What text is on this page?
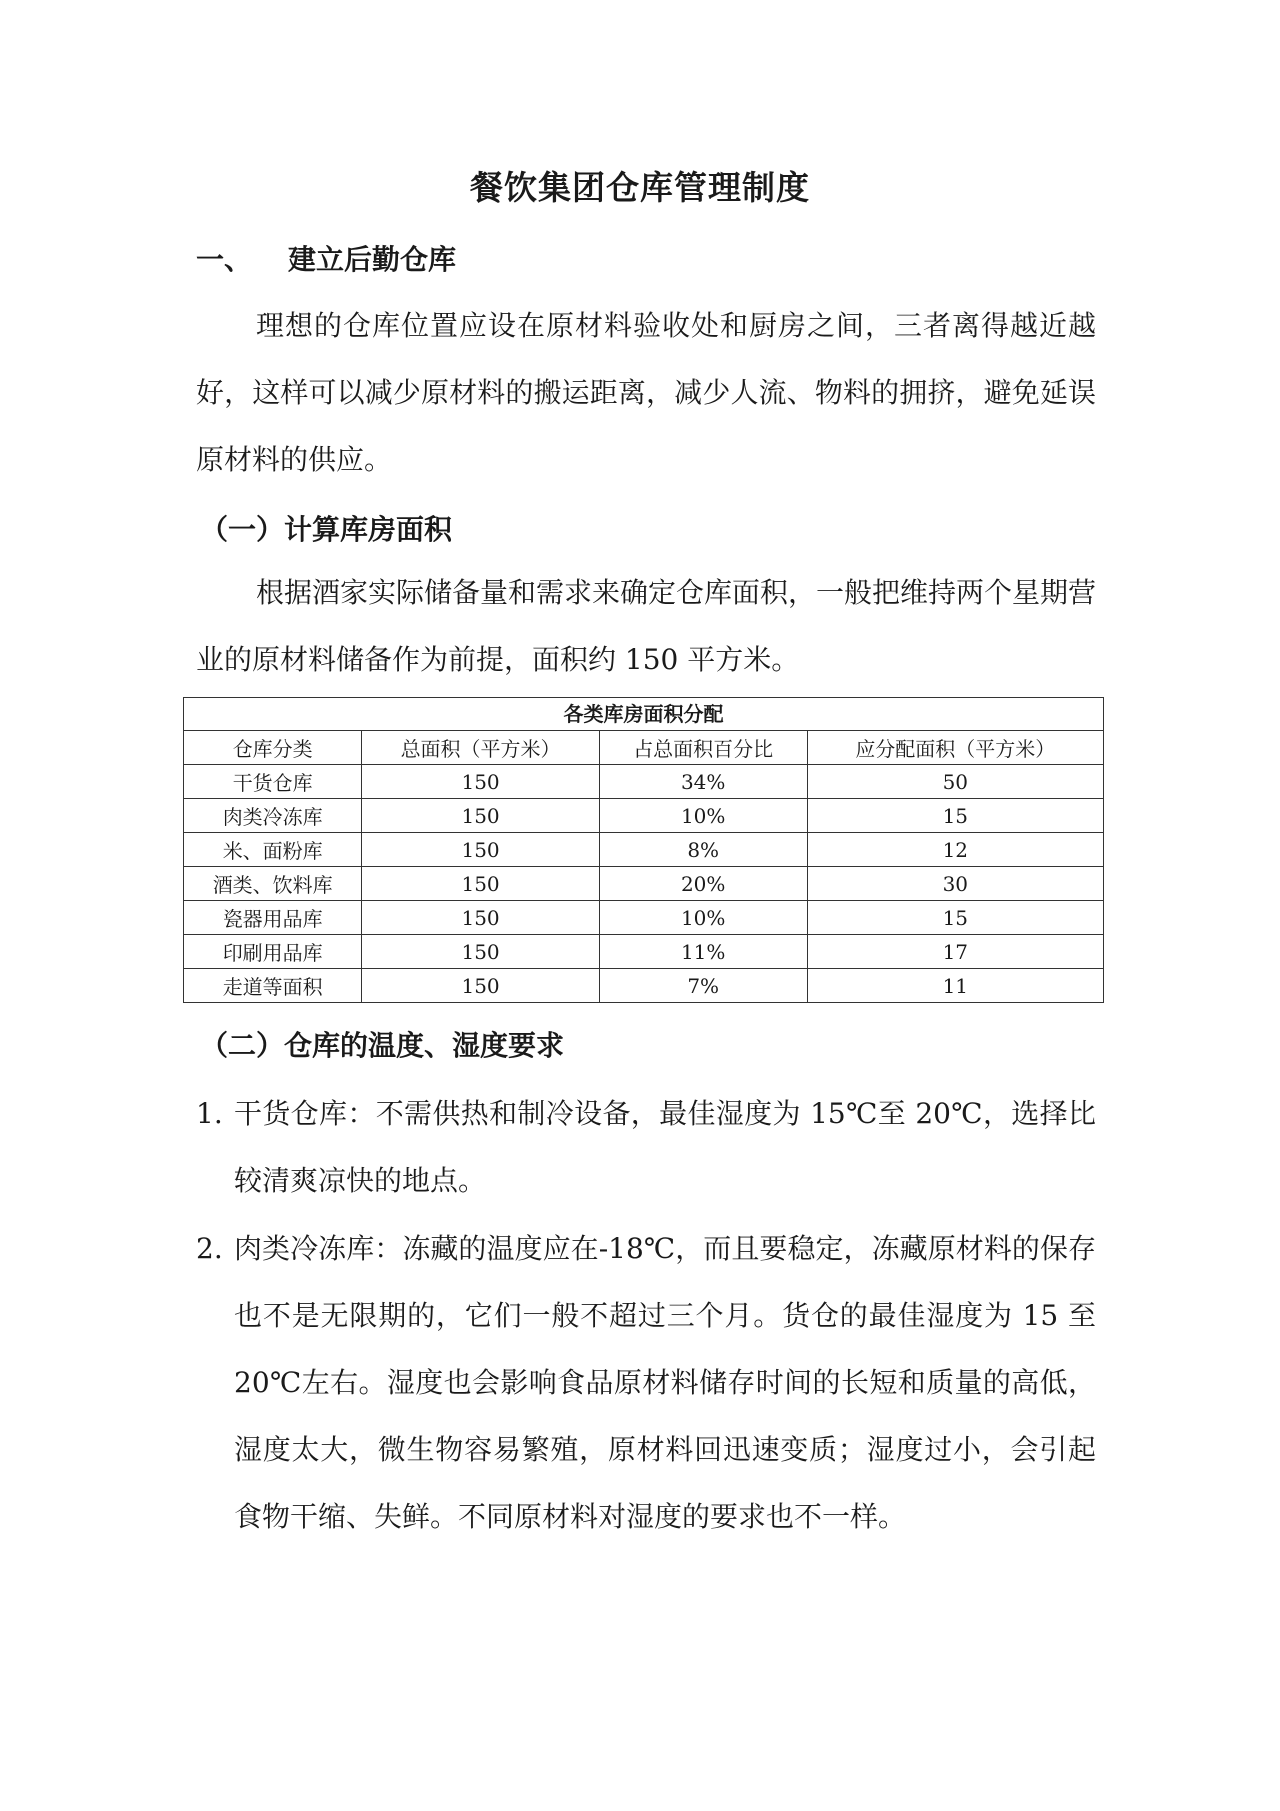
餐饮集团仓库管理制度
一、	建立后勤仓库

理想的仓库位置应设在原材料验收处和厨房之间，三者离得越近越好，这样可以减少原材料的搬运距离，减少人流、物料的拥挤，避免延误原材料的供应。

（一）计算库房面积

根据酒家实际储备量和需求来确定仓库面积，一般把维持两个星期营业的原材料储备作为前提，面积约 150 平方米。

各类库房面积分配
仓库分类	总面积（平方米）	占总面积百分比	应分配面积（平方米）
干货仓库	150	34%	50
肉类冷冻库	150	10%	15
米、面粉库	150	8%	12
酒类、饮料库	150	20%	30
瓷器用品库	150	10%	15
印刷用品库	150	11%	17
走道等面积	150	7%	11
（二）仓库的温度、湿度要求
1. 干货仓库：不需供热和制冷设备，最佳湿度为 15℃至 20℃，选择比较清爽凉快的地点。
2. 肉类冷冻库：冻藏的温度应在-18℃，而且要稳定，冻藏原材料的保存也不是无限期的，它们一般不超过三个月。货仓的最佳湿度为 15 至 20℃左右。湿度也会影响食品原材料储存时间的长短和质量的高低，湿度太大，微生物容易繁殖，原材料回迅速变质；湿度过小，会引起食物干缩、失鲜。不同原材料对湿度的要求也不一样。
